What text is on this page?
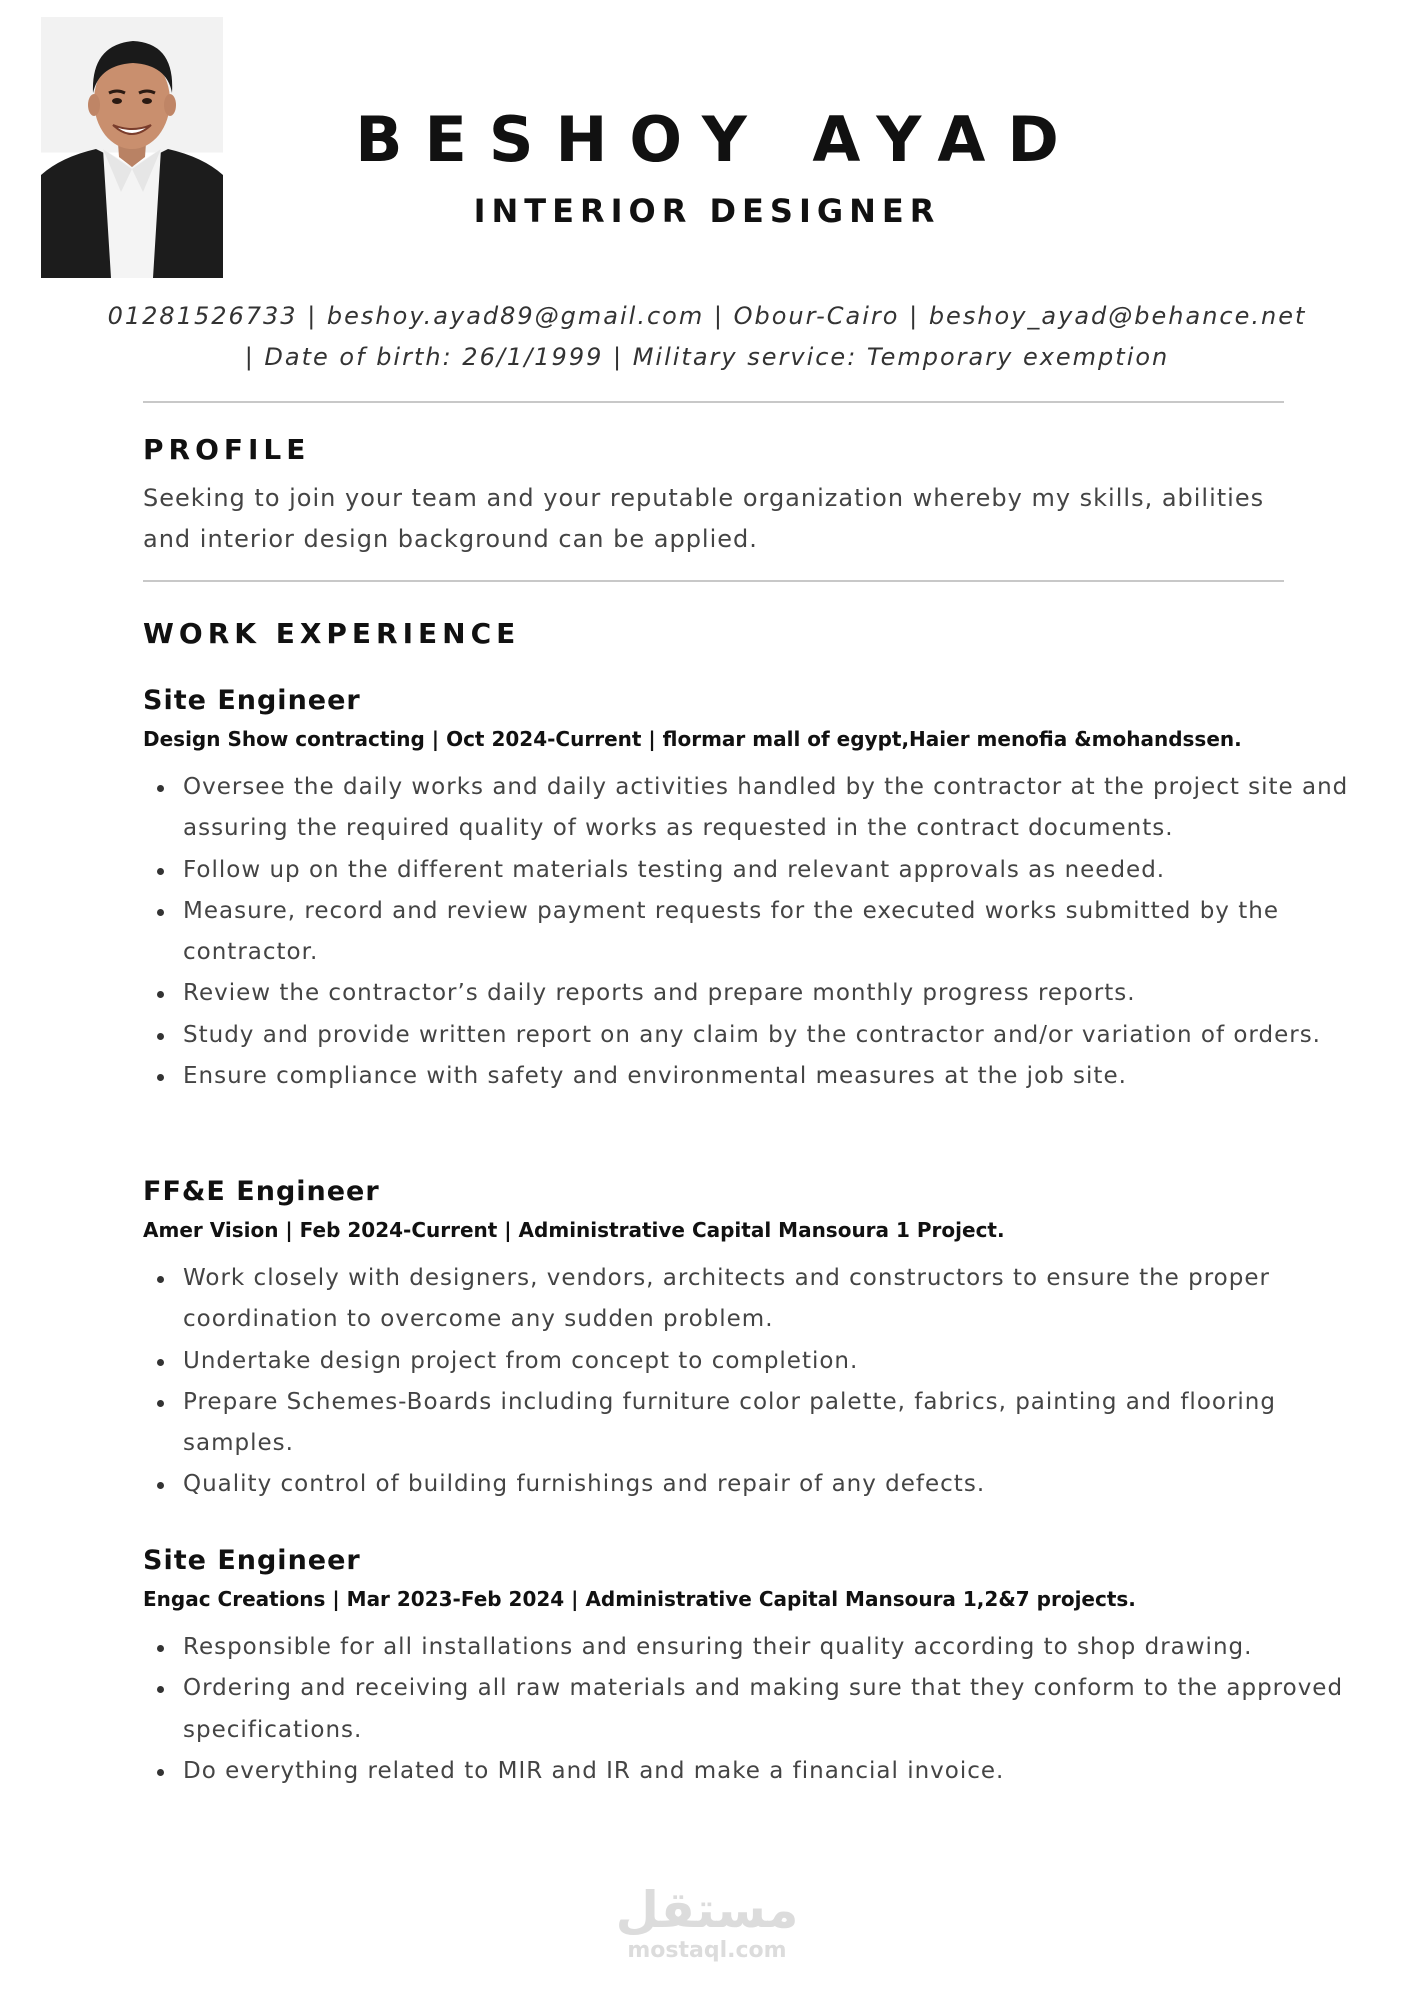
BESHOY AYAD
INTERIOR DESIGNER
01281526733 | beshoy.ayad89@gmail.com | Obour-Cairo | beshoy_ayad@behance.net
| Date of birth: 26/1/1999 | Military service: Temporary exemption
PROFILE
Seeking to join your team and your reputable organization whereby my skills, abilities and interior design background can be applied.
WORK EXPERIENCE
Site Engineer
Design Show contracting | Oct 2024-Current | flormar mall of egypt,Haier menofia &mohandssen.
Oversee the daily works and daily activities handled by the contractor at the project site and assuring the required quality of works as requested in the contract documents.
Follow up on the different materials testing and relevant approvals as needed.
Measure, record and review payment requests for the executed works submitted by the contractor.
Review the contractor’s daily reports and prepare monthly progress reports.
Study and provide written report on any claim by the contractor and/or variation of orders.
Ensure compliance with safety and environmental measures at the job site.
FF&E Engineer
Amer Vision | Feb 2024-Current | Administrative Capital Mansoura 1 Project.
Work closely with designers, vendors, architects and constructors to ensure the proper coordination to overcome any sudden problem.
Undertake design project from concept to completion.
Prepare Schemes-Boards including furniture color palette, fabrics, painting and flooring samples.
Quality control of building furnishings and repair of any defects.
Site Engineer
Engac Creations | Mar 2023-Feb 2024 | Administrative Capital Mansoura 1,2&7 projects.
Responsible for all installations and ensuring their quality according to shop drawing.
Ordering and receiving all raw materials and making sure that they conform to the approved specifications.
Do everything related to MIR and IR and make a financial invoice.
مستقل
mostaql.com
